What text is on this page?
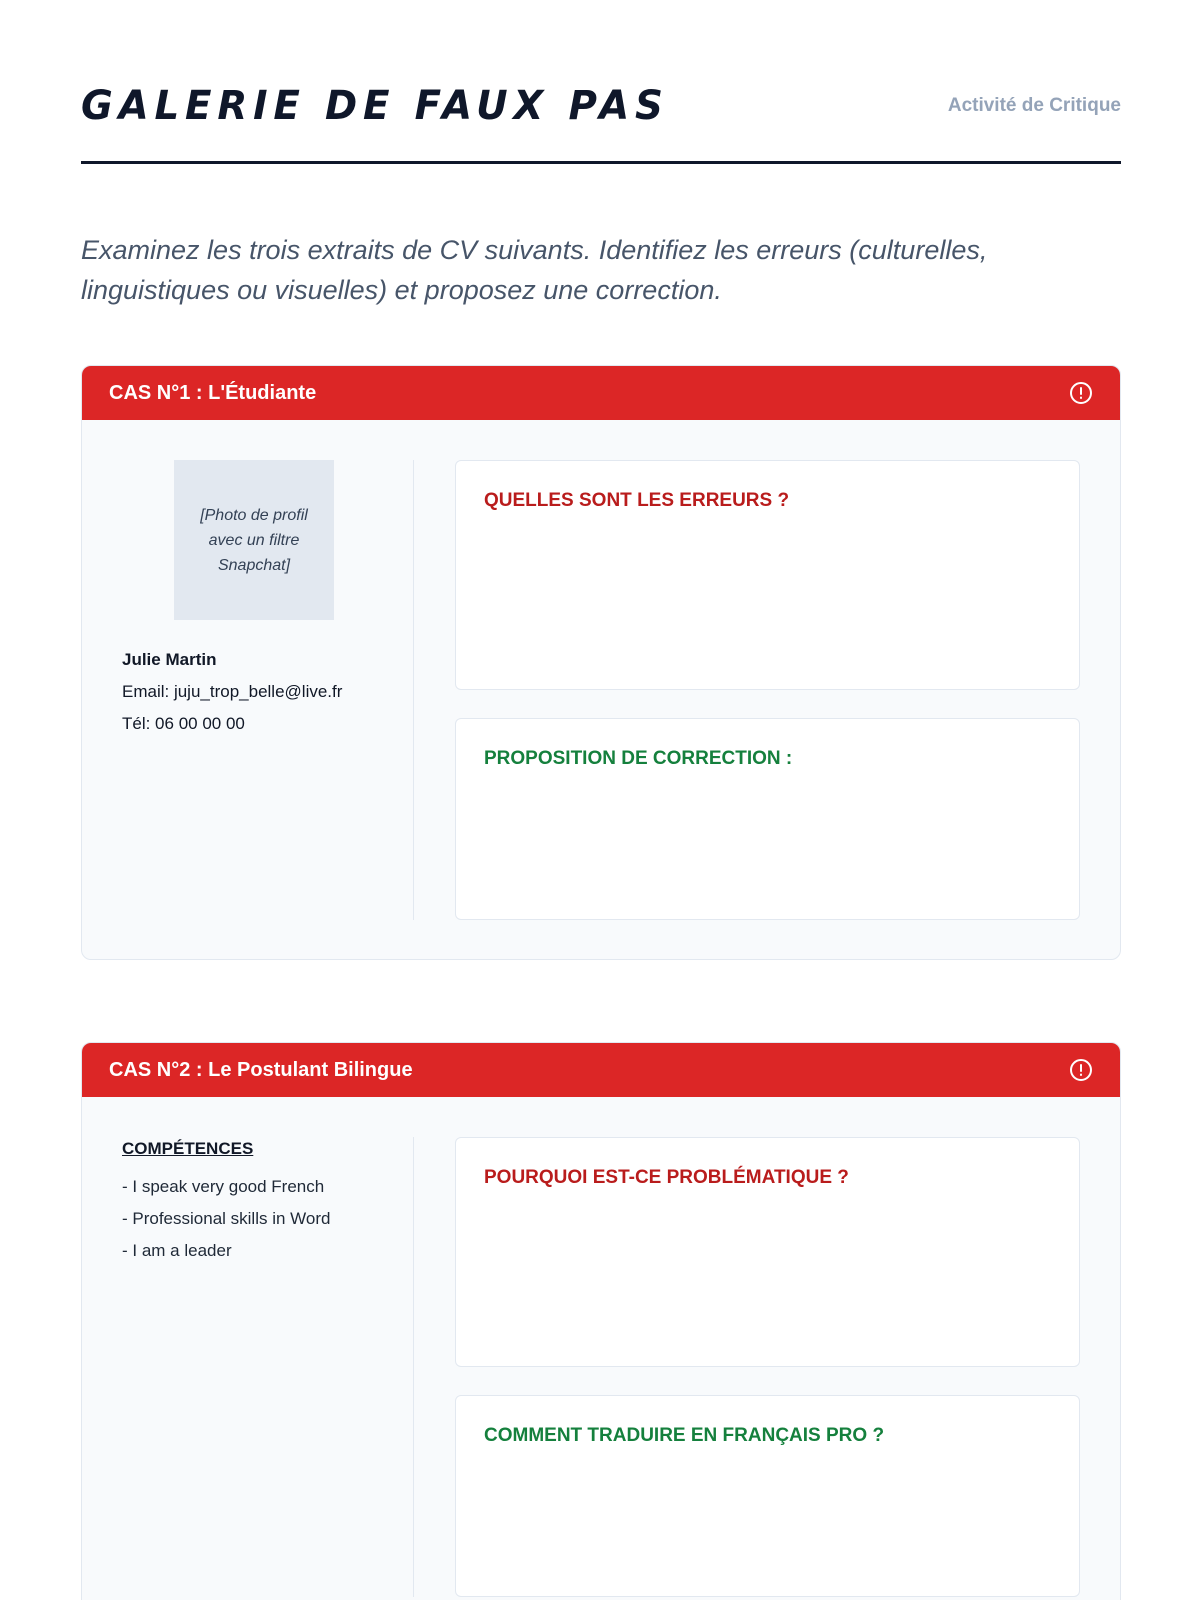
GALERIE DE FAUX PAS	Activité de Critique
Examinez les trois extraits de CV suivants. Identifiez les erreurs (culturelles, linguistiques ou visuelles) et proposez une correction.
CAS N°1 : L'Étudiante
[Photo de profil avec un filtre Snapchat]
Julie Martin
Email: juju_trop_belle@live.fr
Tél: 06 00 00 00
QUELLES SONT LES ERREURS ?
PROPOSITION DE CORRECTION :
CAS N°2 : Le Postulant Bilingue
COMPÉTENCES
- I speak very good French
- Professional skills in Word
- I am a leader
POURQUOI EST-CE PROBLÉMATIQUE ?
COMMENT TRADUIRE EN FRANÇAIS PRO ?
